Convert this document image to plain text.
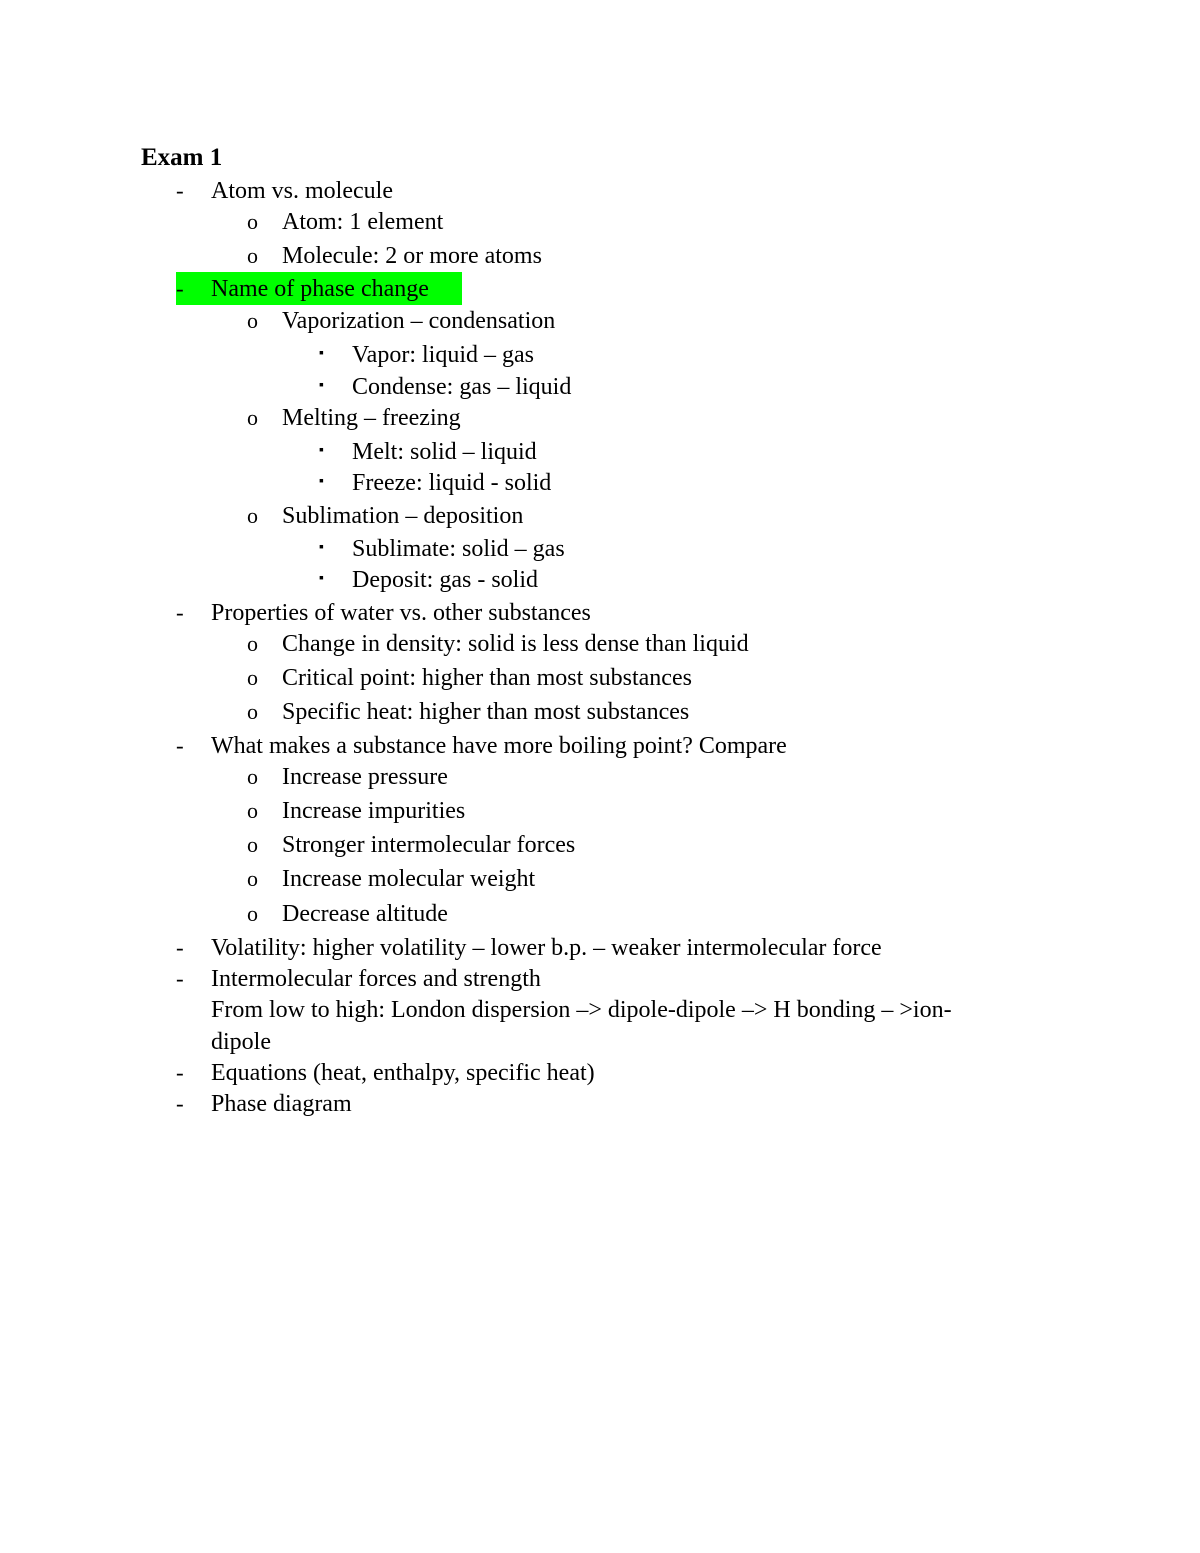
Exam 1
- Atom vs. molecule
o Atom: 1 element
o Molecule: 2 or more atoms
- Name of phase change
o Vaporization – condensation
▪ Vapor: liquid – gas
▪ Condense: gas – liquid
o Melting – freezing
▪ Melt: solid – liquid
▪ Freeze: liquid - solid
o Sublimation – deposition
▪ Sublimate: solid – gas
▪ Deposit: gas - solid
- Properties of water vs. other substances
o Change in density: solid is less dense than liquid
o Critical point: higher than most substances
o Specific heat: higher than most substances
- What makes a substance have more boiling point? Compare
o Increase pressure
o Increase impurities
o Stronger intermolecular forces
o Increase molecular weight
o Decrease altitude
- Volatility: higher volatility – lower b.p. – weaker intermolecular force
- Intermolecular forces and strength
From low to high: London dispersion –> dipole-dipole –> H bonding – >ion-
dipole
- Equations (heat, enthalpy, specific heat)
- Phase diagram
